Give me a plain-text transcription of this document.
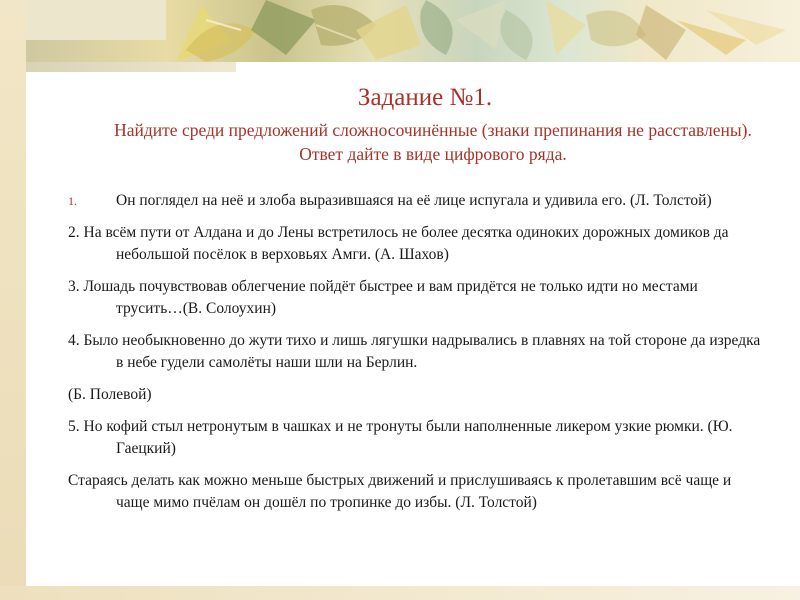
Задание №1.
Найдите среди предложений сложносочинённые (знаки препинания не расставлены). Ответ дайте в виде цифрового ряда.

1.	Он поглядел на неё и злоба выразившаяся на её лице испугала и удивила его. (Л. Толстой)

2. На всём пути от Алдана и до Лены встретилось не более десятка одиноких дорожных домиков да небольшой посёлок в верховьях Амги. (А. Шахов)

3. Лошадь почувствовав облегчение пойдёт быстрее и вам придётся не только идти но местами трусить…(В. Солоухин)

4. Было необыкновенно до жути тихо и лишь лягушки надрывались в плавнях на той стороне да изредка в небе гудели самолёты наши шли на Берлин.

(Б. Полевой)

5. Но кофий стыл нетронутым в чашках и не тронуты были наполненные ликером узкие рюмки. (Ю. Гаецкий)

Стараясь делать как можно меньше быстрых движений и прислушиваясь к пролетавшим всё чаще и чаще мимо пчёлам он дошёл по тропинке до избы. (Л. Толстой)
